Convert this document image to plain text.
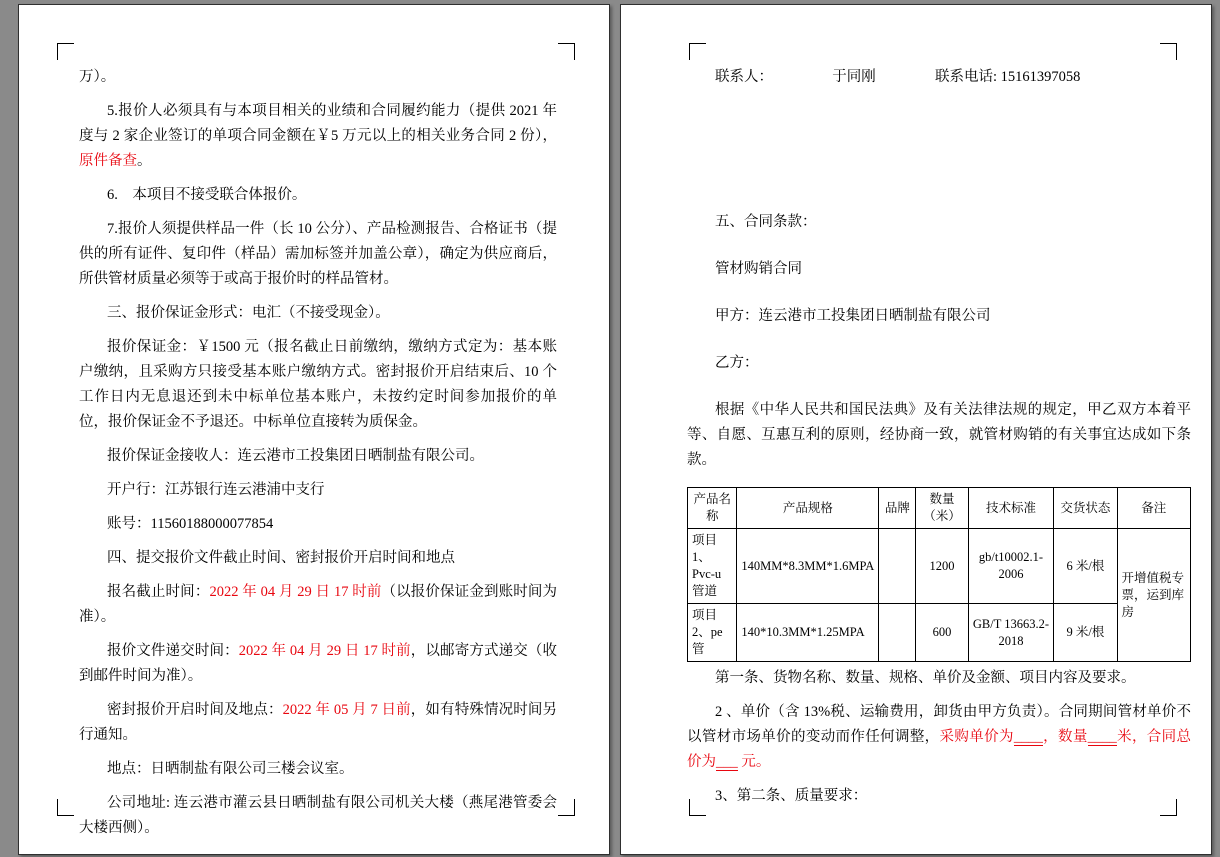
万）。

5.报价人必须具有与本项目相关的业绩和合同履约能力（提供 2021 年度与 2 家企业签订的单项合同金额在￥5 万元以上的相关业务合同 2 份），原件备查。

6.　本项目不接受联合体报价。

7.报价人须提供样品一件（长 10 公分）、产品检测报告、合格证书（提供的所有证件、复印件（样品）需加标签并加盖公章），确定为供应商后，所供管材质量必须等于或高于报价时的样品管材。

三、报价保证金形式：电汇（不接受现金）。

报价保证金：￥1500 元（报名截止日前缴纳，缴纳方式定为：基本账户缴纳，且采购方只接受基本账户缴纳方式。密封报价开启结束后、10 个工作日内无息退还到未中标单位基本账户，未按约定时间参加报价的单位，报价保证金不予退还。中标单位直接转为质保金。

报价保证金接收人：连云港市工投集团日晒制盐有限公司。

开户行：江苏银行连云港浦中支行

账号：11560188000077854

四、提交报价文件截止时间、密封报价开启时间和地点

报名截止时间：2022 年 04 月 29 日 17 时前（以报价保证金到账时间为准）。

报价文件递交时间：2022 年 04 月 29 日 17 时前，以邮寄方式递交（收到邮件时间为准）。

密封报价开启时间及地点：2022 年 05 月 7 日前，如有特殊情况时间另行通知。

地点：日晒制盐有限公司三楼会议室。

公司地址: 连云港市灌云县日晒制盐有限公司机关大楼（燕尾港管委会大楼西侧）。

联系人：	于同刚	联系电话: 15161397058

五、合同条款：

管材购销合同

甲方：连云港市工投集团日晒制盐有限公司

乙方：

根据《中华人民共和国民法典》及有关法律法规的规定，甲乙双方本着平等、自愿、互惠互利的原则，经协商一致，就管材购销的有关事宜达成如下条款。

产品名称	产品规格	品牌	数量（米）	技术标准	交货状态	备注
项目 1、Pvc-u 管道	140MM*8.3MM*1.6MPA		1200	gb/t10002.1-2006	6 米/根	开增值税专票，运到库房
项目 2、pe 管	140*10.3MM*1.25MPA		600	GB/T 13663.2-2018	9 米/根	

第一条、货物名称、数量、规格、单价及金额、项目内容及要求。

2 、单价（含 13%税、运输费用，卸货由甲方负责）。合同期间管材单价不以管材市场单价的变动而作任何调整，采购单价为____，数量____米，合同总价为___ 元。

3、第二条、质量要求：
